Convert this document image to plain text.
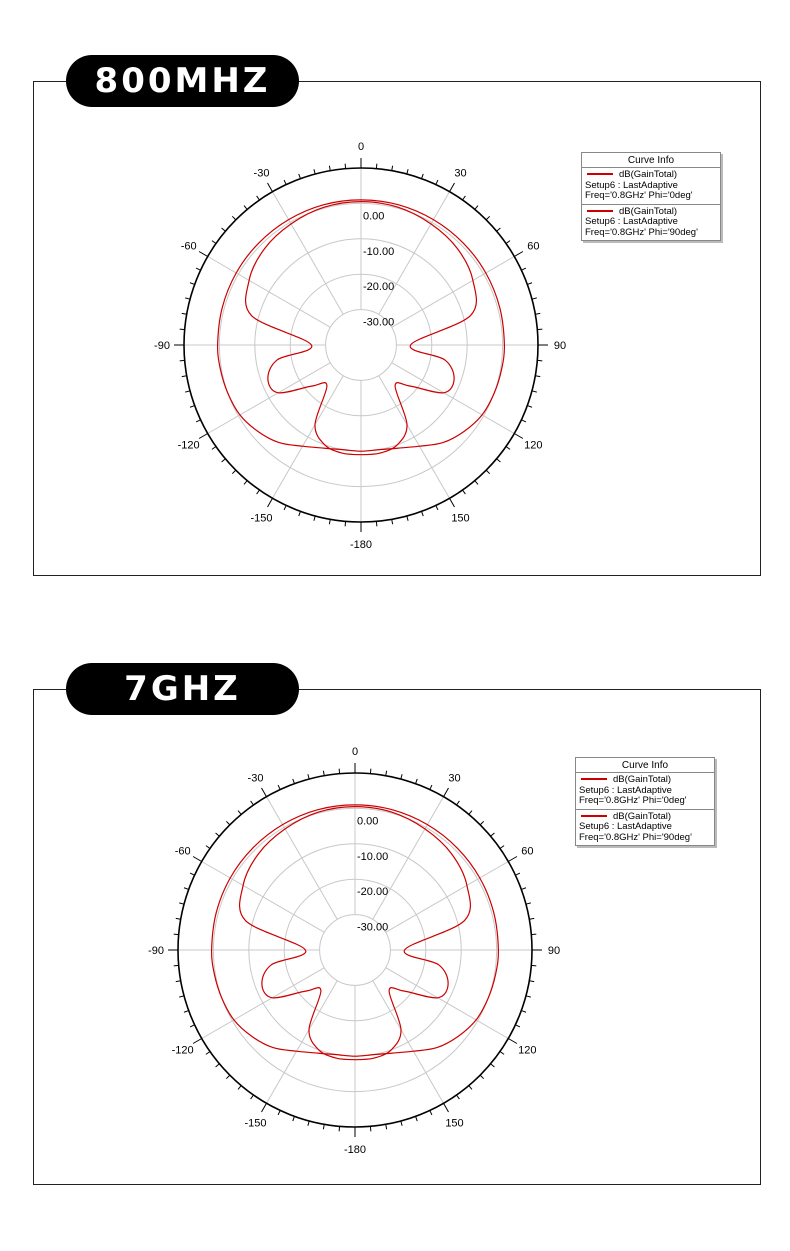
800MHZ
0
30
60
90
120
150
-180
-150
-120
-90
-60
-30
0.00
-10.00
-20.00
-30.00
Curve Info
dB(GainTotal)
Setup6 : LastAdaptive
Freq='0.8GHz' Phi='0deg'
dB(GainTotal)
Setup6 : LastAdaptive
Freq='0.8GHz' Phi='90deg'
7GHZ
0
30
60
90
120
150
-180
-150
-120
-90
-60
-30
0.00
-10.00
-20.00
-30.00
Curve Info
dB(GainTotal)
Setup6 : LastAdaptive
Freq='0.8GHz' Phi='0deg'
dB(GainTotal)
Setup6 : LastAdaptive
Freq='0.8GHz' Phi='90deg'
